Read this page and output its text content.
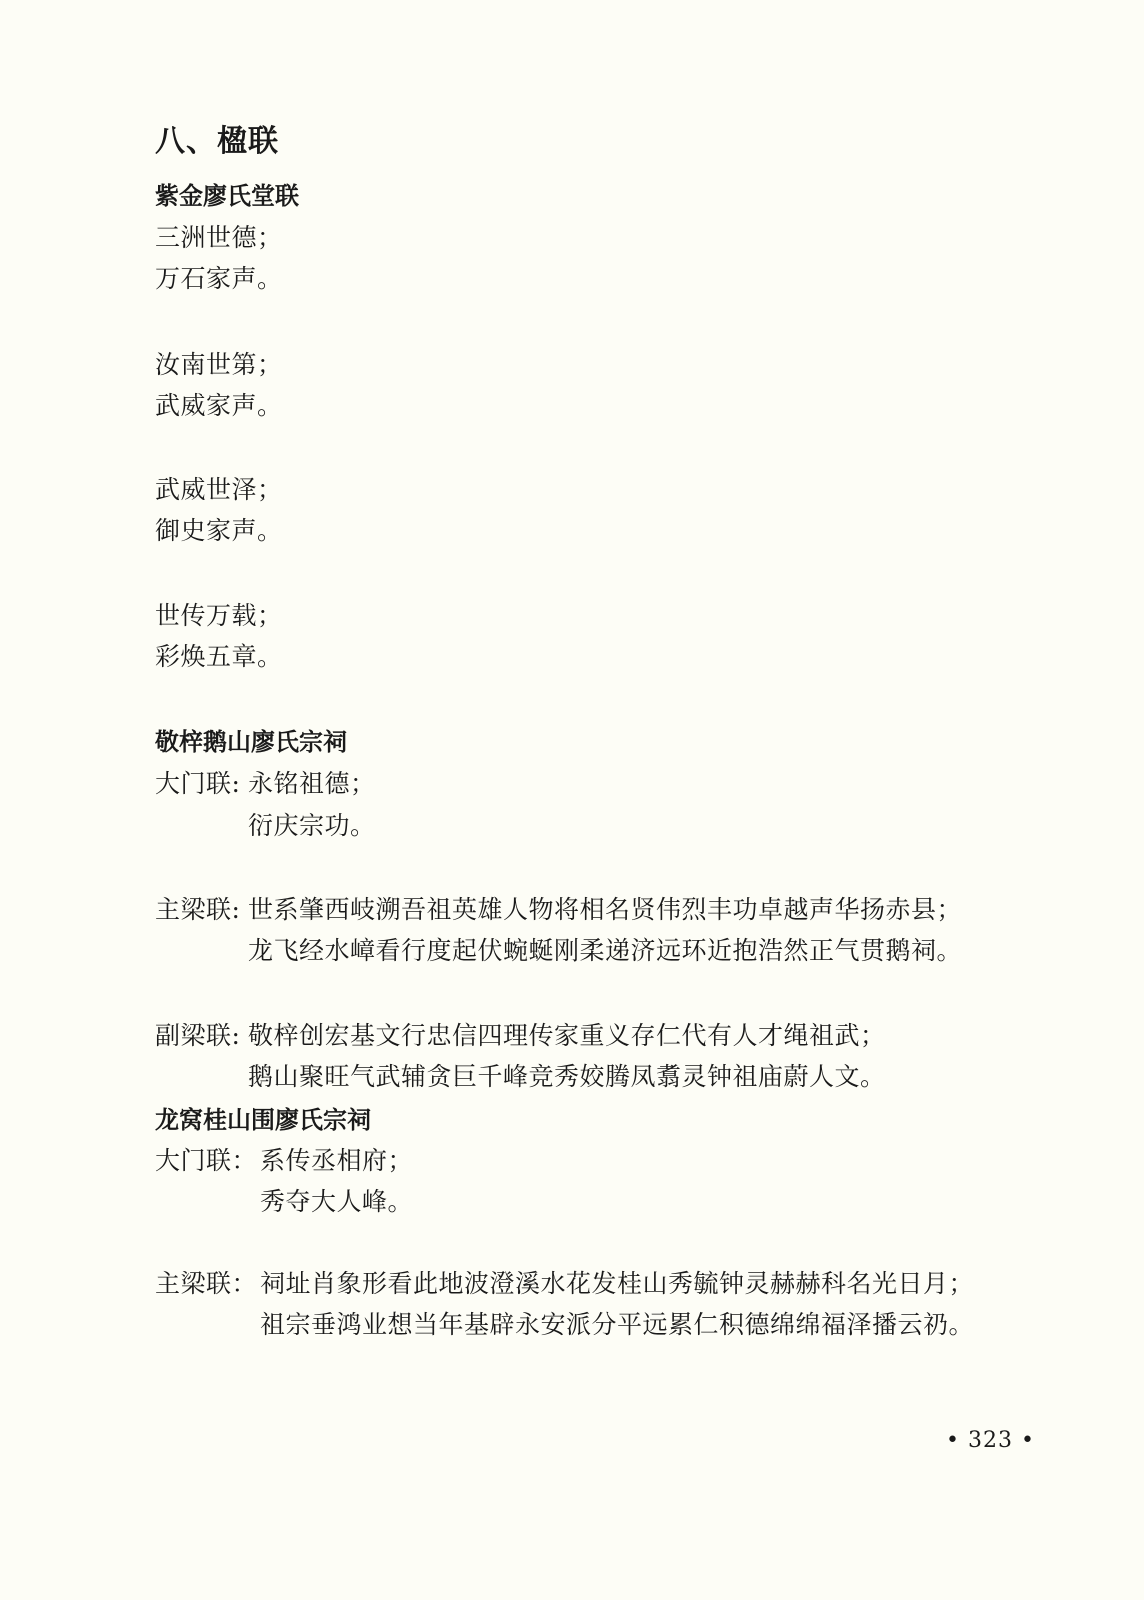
八、楹联
紫金廖氏堂联
三洲世德；
万石家声。
汝南世第；
武威家声。
武威世泽；
御史家声。
世传万载；
彩焕五章。
敬梓鹅山廖氏宗祠
大门联: 永铭祖德；
衍庆宗功。
主梁联: 世系肇西岐溯吾祖英雄人物将相名贤伟烈丰功卓越声华扬赤县；
龙飞经水嶂看行度起伏蜿蜒刚柔递济远环近抱浩然正气贯鹅祠。
副梁联: 敬梓创宏基文行忠信四理传家重义存仁代有人才绳祖武；
鹅山聚旺气武辅贪巨千峰竞秀姣腾凤翥灵钟祖庙蔚人文。
龙窝桂山围廖氏宗祠
大门联： 系传丞相府；
秀夺大人峰。
主梁联： 祠址肖象形看此地波澄溪水花发桂山秀毓钟灵赫赫科名光日月；
祖宗垂鸿业想当年基辟永安派分平远累仁积德绵绵福泽播云礽。
• 323 •
